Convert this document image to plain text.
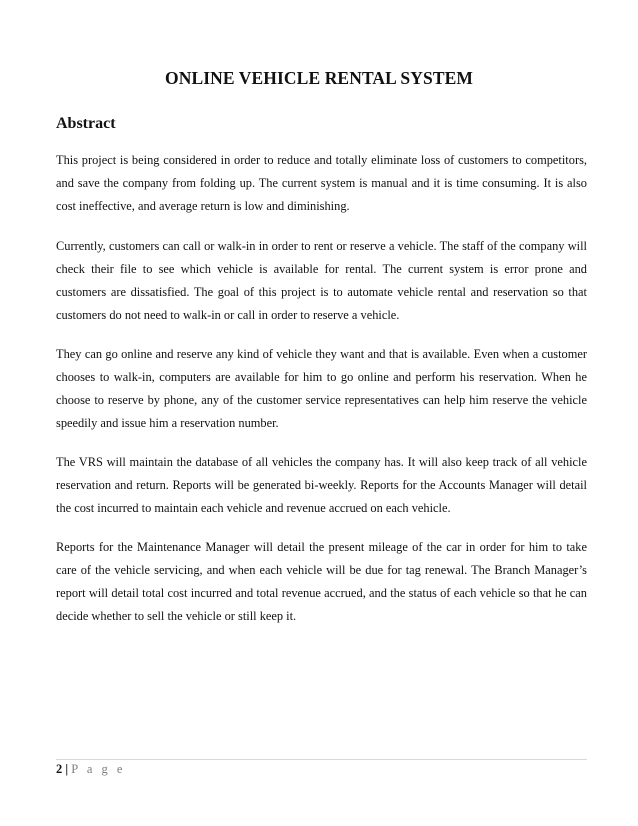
ONLINE VEHICLE RENTAL SYSTEM
Abstract

This project is being considered in order to reduce and totally eliminate loss of customers to competitors, and save the company from folding up. The current system is manual and it is time consuming. It is also cost ineffective, and average return is low and diminishing.

Currently, customers can call or walk-in in order to rent or reserve a vehicle. The staff of the company will check their file to see which vehicle is available for rental. The current system is error prone and customers are dissatisfied. The goal of this project is to automate vehicle rental and reservation so that customers do not need to walk-in or call in order to reserve a vehicle.

They can go online and reserve any kind of vehicle they want and that is available. Even when a customer chooses to walk-in, computers are available for him to go online and perform his reservation. When he choose to reserve by phone, any of the customer service representatives can help him reserve the vehicle speedily and issue him a reservation number.

The VRS will maintain the database of all vehicles the company has. It will also keep track of all vehicle reservation and return. Reports will be generated bi-weekly. Reports for the Accounts Manager will detail the cost incurred to maintain each vehicle and revenue accrued on each vehicle.

Reports for the Maintenance Manager will detail the present mileage of the car in order for him to take care of the vehicle servicing, and when each vehicle will be due for tag renewal. The Branch Manager’s report will detail total cost incurred and total revenue accrued, and the status of each vehicle so that he can decide whether to sell the vehicle or still keep it.

2 | P a g e
